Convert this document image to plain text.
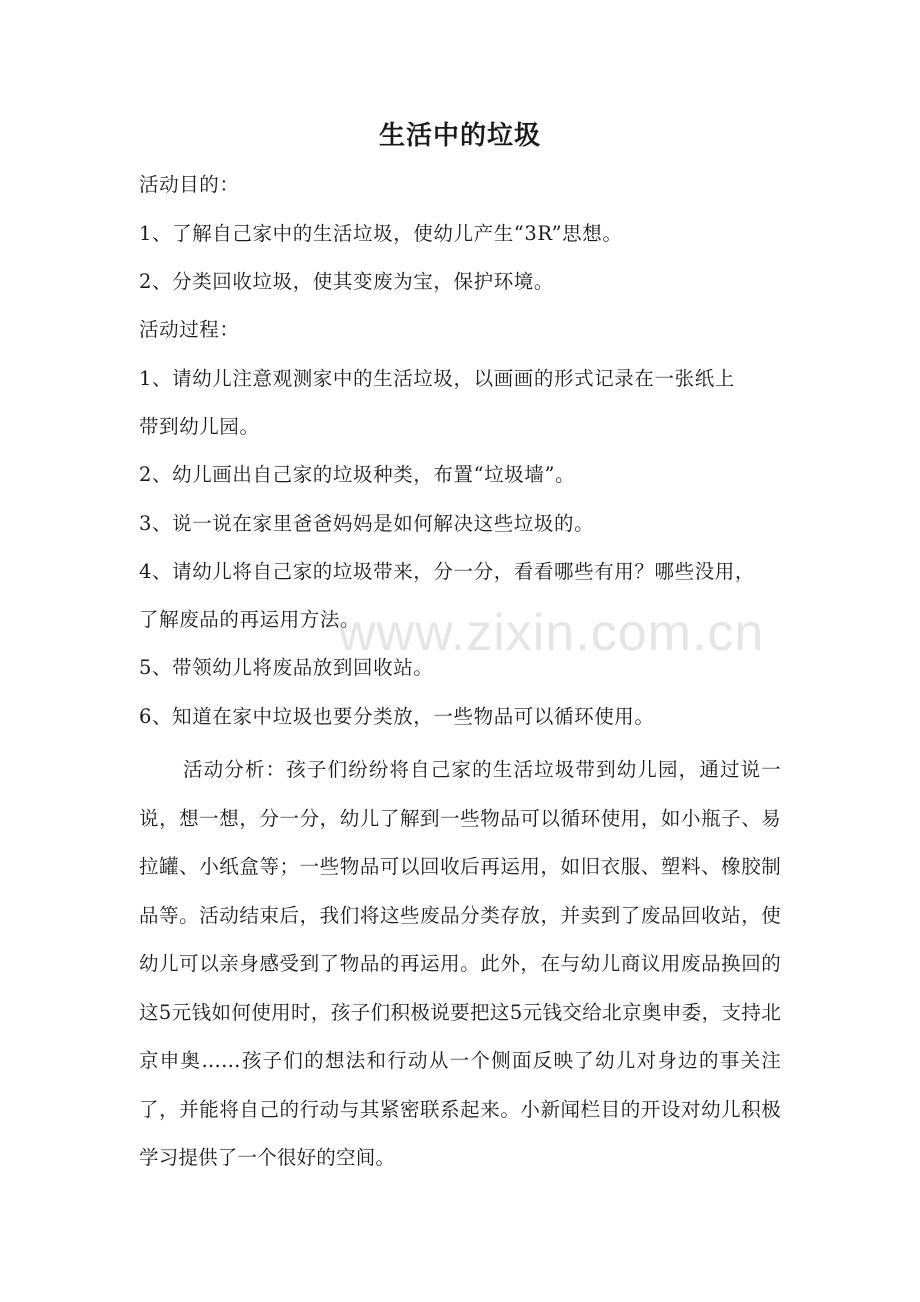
生活中的垃圾
活动目的：
1、了解自己家中的生活垃圾，使幼儿产生“3R”思想。
2、分类回收垃圾，使其变废为宝，保护环境。
活动过程：
1、请幼儿注意观测家中的生活垃圾，以画画的形式记录在一张纸上
带到幼儿园。
2、幼儿画出自己家的垃圾种类，布置“垃圾墙”。
3、说一说在家里爸爸妈妈是如何解决这些垃圾的。
4、请幼儿将自己家的垃圾带来，分一分，看看哪些有用？哪些没用，
了解废品的再运用方法。
5、带领幼儿将废品放到回收站。
6、知道在家中垃圾也要分类放，一些物品可以循环使用。
活动分析：孩子们纷纷将自己家的生活垃圾带到幼儿园，通过说一说，想一想，分一分，幼儿了解到一些物品可以循环使用，如小瓶子、易拉罐、小纸盒等；一些物品可以回收后再运用，如旧衣服、塑料、橡胶制品等。活动结束后，我们将这些废品分类存放，并卖到了废品回收站，使幼儿可以亲身感受到了物品的再运用。此外，在与幼儿商议用废品换回的这5元钱如何使用时，孩子们积极说要把这5元钱交给北京奥申委，支持北京申奥……孩子们的想法和行动从一个侧面反映了幼儿对身边的事关注了，并能将自己的行动与其紧密联系起来。小新闻栏目的开设对幼儿积极学习提供了一个很好的空间。
www.zixin.com.cn
